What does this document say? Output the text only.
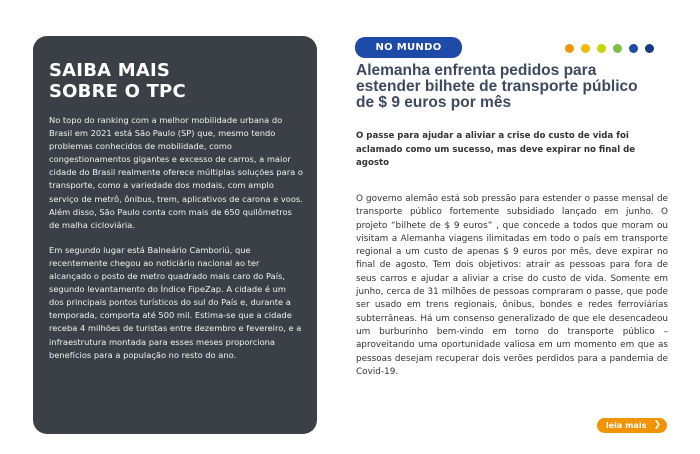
SAIBA MAIS
SOBRE O TPC

No topo do ranking com a melhor mobilidade urbana do Brasil em 2021 está São Paulo (SP) que, mesmo tendo problemas conhecidos de mobilidade, como congestionamentos gigantes e excesso de carros, a maior cidade do Brasil realmente oferece múltiplas soluções para o transporte, como a variedade dos modais, com amplo serviço de metrô, ônibus, trem, aplicativos de carona e voos. Além disso, São Paulo conta com mais de 650 quilômetros de malha cicloviária.

Em segundo lugar está Balneário Camboriú, que recentemente chegou ao noticiário nacional ao ter alcançado o posto de metro quadrado mais caro do País, segundo levantamento do Índice FipeZap. A cidade é um dos principais pontos turísticos do sul do País e, durante a temporada, comporta até 500 mil. Estima-se que a cidade receba 4 milhões de turistas entre dezembro e fevereiro, e a infraestrutura montada para esses meses proporciona benefícios para a população no resto do ano.

NO MUNDO
Alemanha enfrenta pedidos para estender bilhete de transporte público de $ 9 euros por mês

O passe para ajudar a aliviar a crise do custo de vida foi aclamado como um sucesso, mas deve expirar no final de agosto

O governo alemão está sob pressão para estender o passe mensal de transporte público fortemente subsidiado lançado em junho. O projeto “bilhete de $ 9 euros” , que concede a todos que moram ou visitam a Alemanha viagens ilimitadas em todo o país em transporte regional a um custo de apenas $ 9 euros por mês, deve expirar no final de agosto. Tem dois objetivos: atrair as pessoas para fora de seus carros e ajudar a aliviar a crise do custo de vida. Somente em junho, cerca de 31 milhões de pessoas compraram o passe, que pode ser usado em trens regionais, ônibus, bondes e redes ferroviárias subterrâneas. Há um consenso generalizado de que ele desencadeou um burburinho bem-vindo em torno do transporte público – aproveitando uma oportunidade valiosa em um momento em que as pessoas desejam recuperar dois verões perdidos para a pandemia de Covid-19.

leia mais ❯
